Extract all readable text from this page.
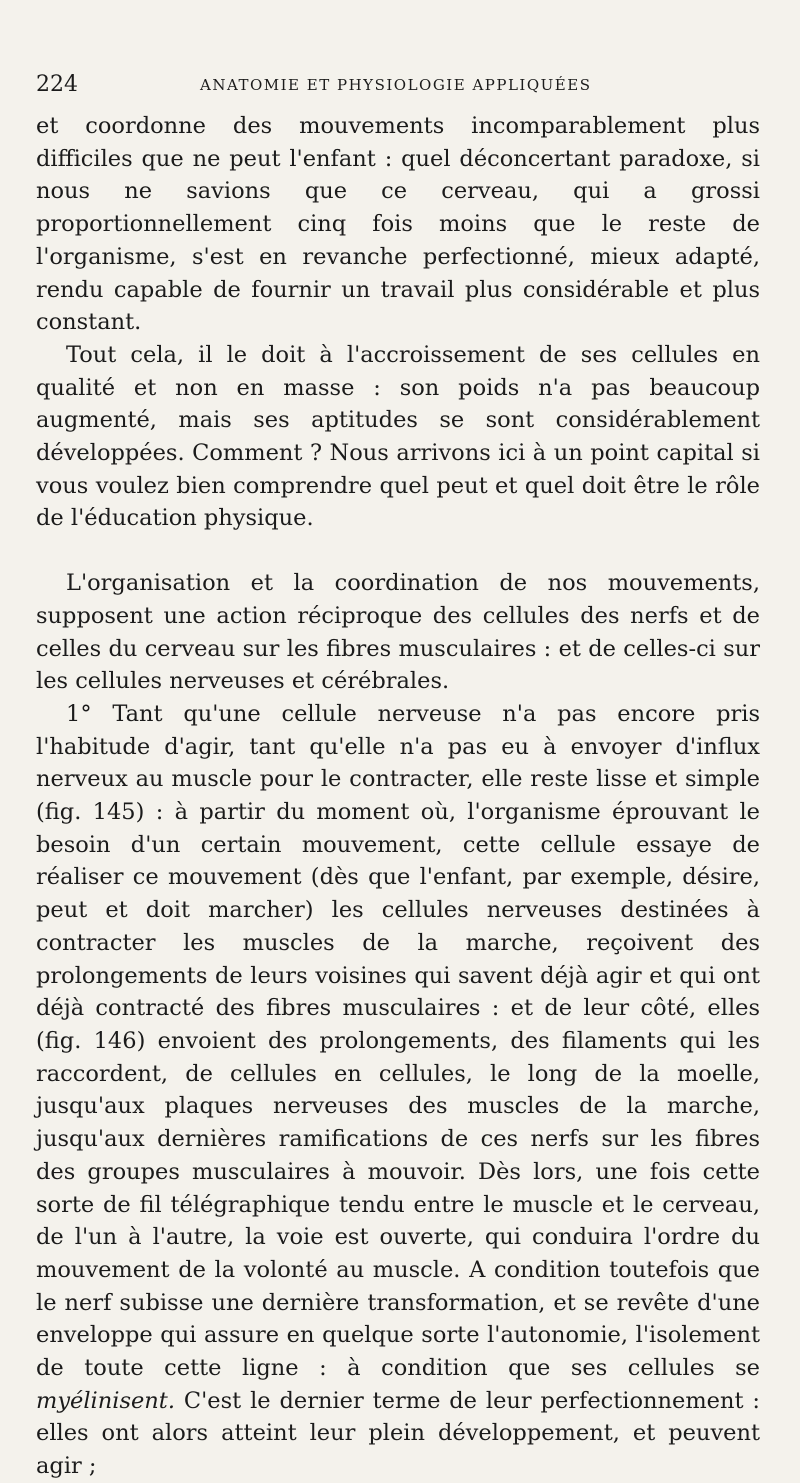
224	ANATOMIE ET PHYSIOLOGIE APPLIQUÉES

et coordonne des mouvements incomparablement plus difficiles que ne peut l'enfant : quel déconcertant paradoxe, si nous ne savions que ce cerveau, qui a grossi proportionnellement cinq fois moins que le reste de l'organisme, s'est en revanche perfectionné, mieux adapté, rendu capable de fournir un travail plus considérable et plus constant.

Tout cela, il le doit à l'accroissement de ses cellules en qualité et non en masse : son poids n'a pas beaucoup augmenté, mais ses aptitudes se sont considérablement développées. Comment ? Nous arrivons ici à un point capital si vous voulez bien comprendre quel peut et quel doit être le rôle de l'éducation physique.

L'organisation et la coordination de nos mouvements, supposent une action réciproque des cellules des nerfs et de celles du cerveau sur les fibres musculaires : et de celles-ci sur les cellules nerveuses et cérébrales.

1° Tant qu'une cellule nerveuse n'a pas encore pris l'habitude d'agir, tant qu'elle n'a pas eu à envoyer d'influx nerveux au muscle pour le contracter, elle reste lisse et simple (fig. 145) : à partir du moment où, l'organisme éprouvant le besoin d'un certain mouvement, cette cellule essaye de réaliser ce mouvement (dès que l'enfant, par exemple, désire, peut et doit marcher) les cellules nerveuses destinées à contracter les muscles de la marche, reçoivent des prolongements de leurs voisines qui savent déjà agir et qui ont déjà contracté des fibres musculaires : et de leur côté, elles (fig. 146) envoient des prolongements, des filaments qui les raccordent, de cellules en cellules, le long de la moelle, jusqu'aux plaques nerveuses des muscles de la marche, jusqu'aux dernières ramifications de ces nerfs sur les fibres des groupes musculaires à mouvoir. Dès lors, une fois cette sorte de fil télégraphique tendu entre le muscle et le cerveau, de l'un à l'autre, la voie est ouverte, qui conduira l'ordre du mouvement de la volonté au muscle. A condition toutefois que le nerf subisse une dernière transformation, et se revête d'une enveloppe qui assure en quelque sorte l'autonomie, l'isolement de toute cette ligne : à condition que ses cellules se myélinisent. C'est le dernier terme de leur perfectionnement : elles ont alors atteint leur plein développement, et peuvent agir ;
